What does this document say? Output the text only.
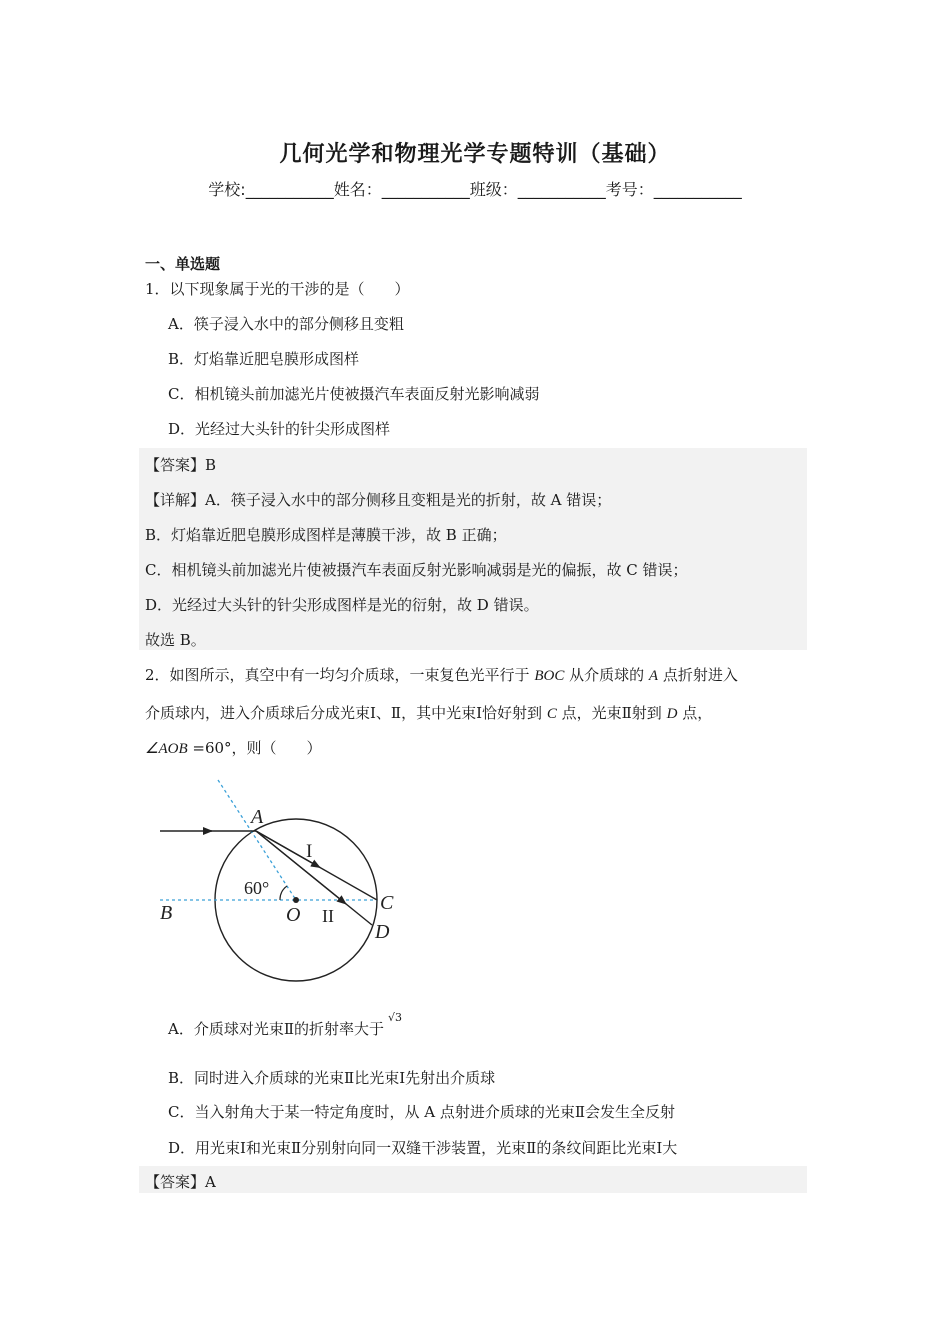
几何光学和物理光学专题特训（基础）
学校:___________姓名：___________班级：___________考号：___________
一、单选题
1．以下现象属于光的干涉的是（　　）
A．筷子浸入水中的部分侧移且变粗
B．灯焰靠近肥皂膜形成图样
C．相机镜头前加滤光片使被摄汽车表面反射光影响减弱
D．光经过大头针的针尖形成图样
【答案】B
【详解】A．筷子浸入水中的部分侧移且变粗是光的折射，故 A 错误；
B．灯焰靠近肥皂膜形成图样是薄膜干涉，故 B 正确；
C．相机镜头前加滤光片使被摄汽车表面反射光影响减弱是光的偏振，故 C 错误；
D．光经过大头针的针尖形成图样是光的衍射，故 D 错误。
故选 B。
2．如图所示，真空中有一均匀介质球，一束复色光平行于 BOC 从介质球的 A 点折射进入
介质球内，进入介质球后分成光束Ⅰ、Ⅱ，其中光束Ⅰ恰好射到 C 点，光束Ⅱ射到 D 点，
∠AOB =60°，则（　　）
A
B	O
C
D
I
II
60°
A．介质球对光束Ⅱ的折射率大于$^{√3}$
B．同时进入介质球的光束Ⅱ比光束Ⅰ先射出介质球
C．当入射角大于某一特定角度时，从 A 点射进介质球的光束Ⅱ会发生全反射
D．用光束Ⅰ和光束Ⅱ分别射向同一双缝干涉装置，光束Ⅱ的条纹间距比光束Ⅰ大
【答案】A
